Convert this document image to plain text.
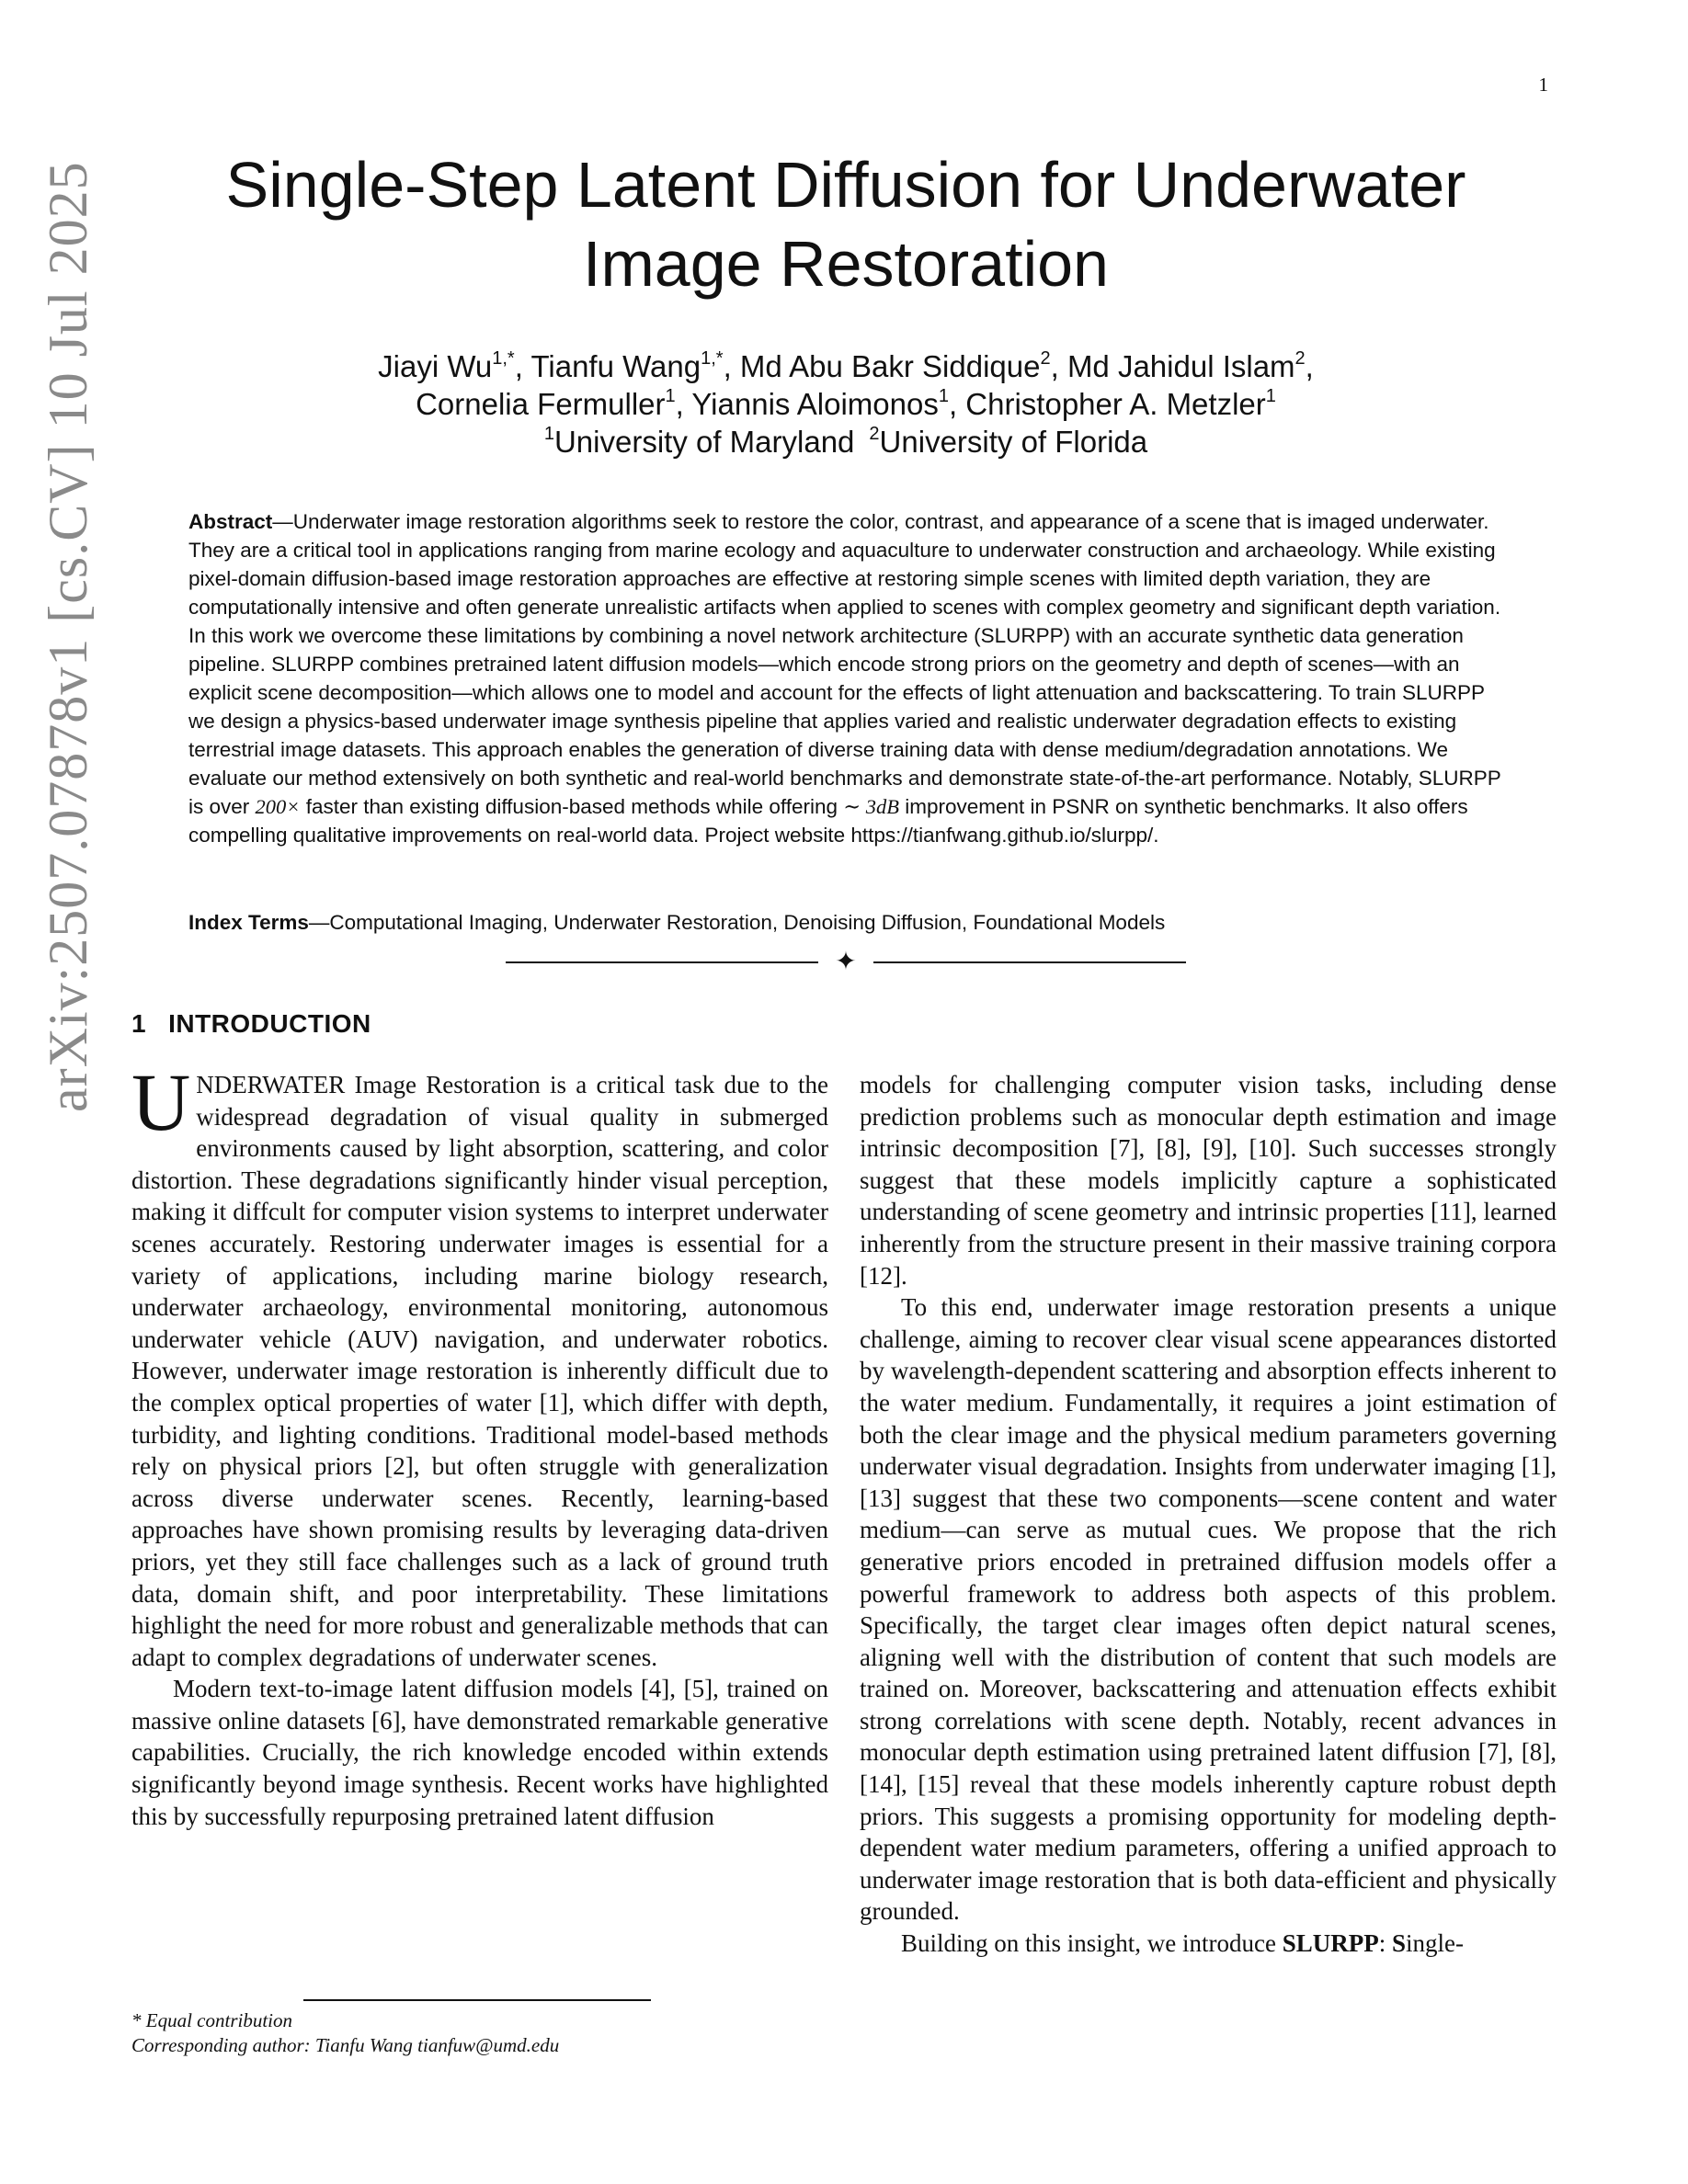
1
arXiv:2507.07878v1 [cs.CV] 10 Jul 2025	Single-Step Latent Diffusion for Underwater
Image Restoration
Jiayi $Wu^{1,*}$, Tianfu Wang$^{1,*}$, Md Abu Bakr Siddique$^2$, Md Jahidul Islam$^2$,
Cornelia Fermuller$^1$, Yiannis Aloimonos$^1$, Christopher A. Metzler$^1$
$^1$University of Maryland $^2$University of Florida

Abstract—Underwater image restoration algorithms seek to restore the color, contrast, and appearance of a scene that is imaged underwater. They are a critical tool in applications ranging from marine ecology and aquaculture to underwater construction and archaeology. While existing pixel-domain diffusion-based image restoration approaches are effective at restoring simple scenes with limited depth variation, they are computationally intensive and often generate unrealistic artifacts when applied to scenes with complex geometry and significant depth variation. In this work we overcome these limitations by combining a novel network architecture (SLURPP) with an accurate synthetic data generation pipeline. SLURPP combines pretrained latent diffusion models—which encode strong priors on the geometry and depth of scenes—with an explicit scene decomposition—which allows one to model and account for the effects of light attenuation and backscattering. To train SLURPP we design a physics-based underwater image synthesis pipeline that applies varied and realistic underwater degradation effects to existing terrestrial image datasets. This approach enables the generation of diverse training data with dense medium/degradation annotations. We evaluate our method extensively on both synthetic and real-world benchmarks and demonstrate state-of-the-art performance. Notably, SLURPP is over 200× faster than existing diffusion-based methods while offering ∼ 3dB improvement in PSNR on synthetic benchmarks. It also offers compelling qualitative improvements on real-world data. Project website https://tianfwang.github.io/slurpp/.

Index Terms—Computational Imaging, Underwater Restoration, Denoising Diffusion, Foundational Models

✦
1 INTRODUCTION

UNDERWATER Image Restoration is a critical task due to the widespread degradation of visual quality in submerged environments caused by light absorption, scattering, and color distortion. These degradations significantly hinder visual perception, making it diffcult for computer vision systems to interpret underwater scenes accurately. Restoring underwater images is essential for a variety of applications, including marine biology research, underwater archaeology, environmental monitoring, autonomous underwater vehicle (AUV) navigation, and underwater robotics. However, underwater image restoration is inherently difficult due to the complex optical properties of water [1], which differ with depth, turbidity, and lighting conditions. Traditional model-based methods rely on physical priors [2], but often struggle with generalization across diverse underwater scenes. Recently, learning-based approaches have shown promising results by leveraging data-driven priors, yet they still face challenges such as a lack of ground truth data, domain shift, and poor interpretability. These limitations highlight the need for more robust and generalizable methods that can adapt to complex degradations of underwater scenes.

Modern text-to-image latent diffusion models [4], [5], trained on massive online datasets [6], have demonstrated remarkable generative capabilities. Crucially, the rich knowledge encoded within extends significantly beyond image synthesis. Recent works have highlighted this by successfully repurposing pretrained latent diffusion

models for challenging computer vision tasks, including dense prediction problems such as monocular depth estimation and image intrinsic decomposition [7], [8], [9], [10]. Such successes strongly suggest that these models implicitly capture a sophisticated understanding of scene geometry and intrinsic properties [11], learned inherently from the structure present in their massive training corpora [12].

To this end, underwater image restoration presents a unique challenge, aiming to recover clear visual scene appearances distorted by wavelength-dependent scattering and absorption effects inherent to the water medium. Fundamentally, it requires a joint estimation of both the clear image and the physical medium parameters governing underwater visual degradation. Insights from underwater imaging [1], [13] suggest that these two components—scene content and water medium—can serve as mutual cues. We propose that the rich generative priors encoded in pretrained diffusion models offer a powerful framework to address both aspects of this problem. Specifically, the target clear images often depict natural scenes, aligning well with the distribution of content that such models are trained on. Moreover, backscattering and attenuation effects exhibit strong correlations with scene depth. Notably, recent advances in monocular depth estimation using pretrained latent diffusion [7], [8], [14], [15] reveal that these models inherently capture robust depth priors. This suggests a promising opportunity for modeling depth-dependent water medium parameters, offering a unified approach to underwater image restoration that is both data-efficient and physically grounded.

Building on this insight, we introduce SLURPP: Single-

* Equal contribution
Corresponding author: Tianfu Wang tianfuw@umd.edu
